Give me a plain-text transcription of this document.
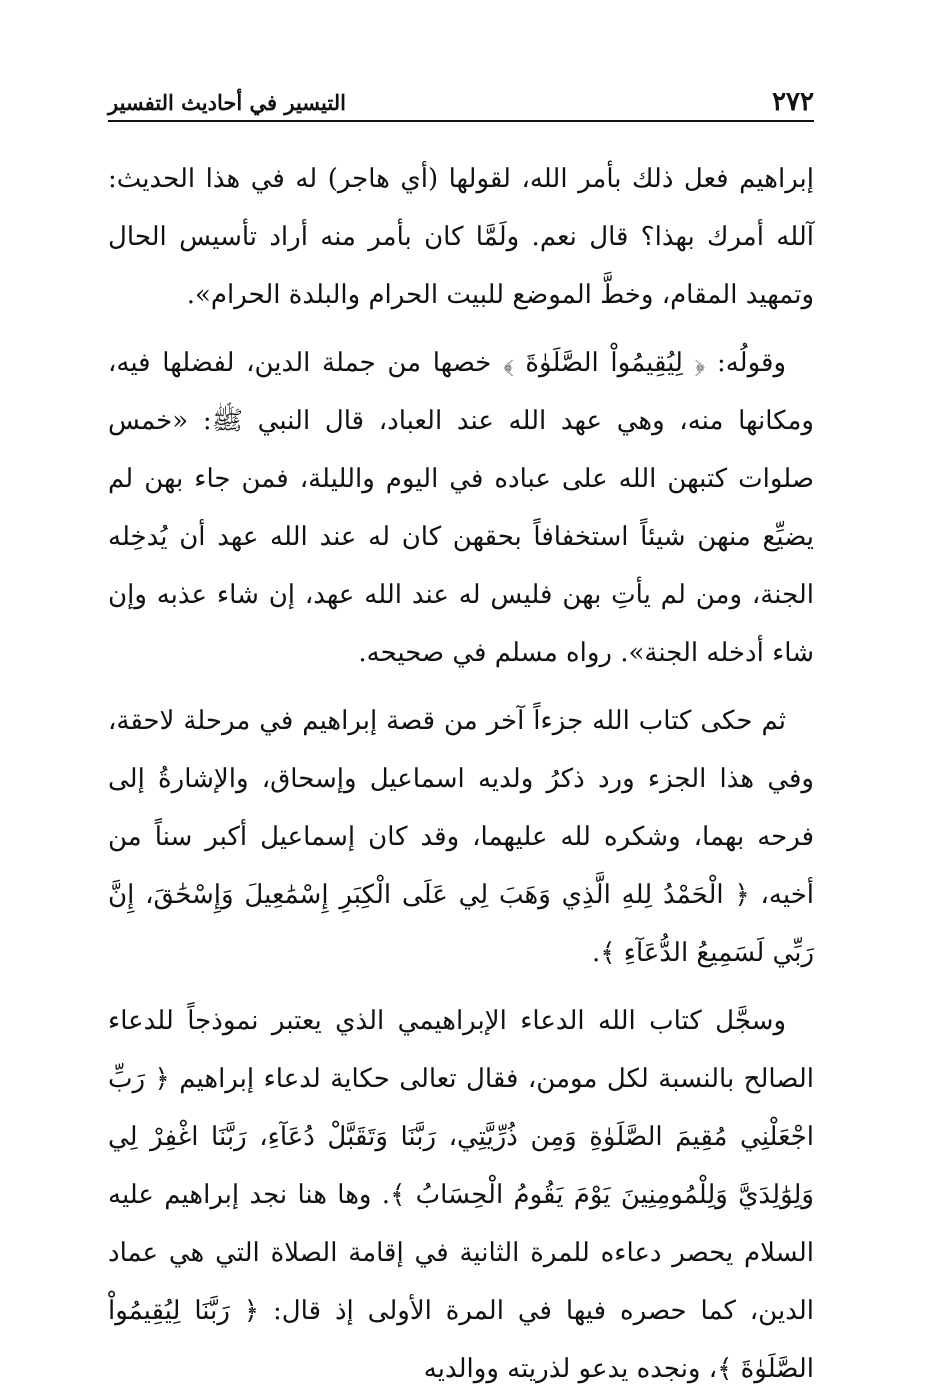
٢٧٢
التيسير في أحاديث التفسير

إبراهيم فعل ذلك بأمر الله، لقولها (أي هاجر) له في هذا الحديث: آلله أمرك بهذا؟ قال نعم. ولَمَّا كان بأمر منه أراد تأسيس الحال وتمهيد المقام، وخطَّ الموضع للبيت الحرام والبلدة الحرام».

وقولُه: ﴿ لِيُقِيمُواْ الصَّلَوٰةَ ﴾ خصها من جملة الدين، لفضلها فيه، ومكانها منه، وهي عهد الله عند العباد، قال النبي ﷺ: «خمس صلوات كتبهن الله على عباده في اليوم والليلة، فمن جاء بهن لم يضيِّع منهن شيئاً استخفافاً بحقهن كان له عند الله عهد أن يُدخِله الجنة، ومن لم يأتِ بهن فليس له عند الله عهد، إن شاء عذبه وإن شاء أدخله الجنة». رواه مسلم في صحيحه.

ثم حكى كتاب الله جزءاً آخر من قصة إبراهيم في مرحلة لاحقة، وفي هذا الجزء ورد ذكرُ ولديه اسماعيل وإسحاق، والإشارةُ إلى فرحه بهما، وشكره لله عليهما، وقد كان إسماعيل أكبر سناً من أخيه، ﴿ الْحَمْدُ لِلهِ الَّذِي وَهَبَ لِي عَلَى الْكِبَرِ إِسْمَٰعِيلَ وَإِسْحَٰقَ، إِنَّ رَبِّي لَسَمِيعُ الدُّعَآءِ ﴾.

وسجَّل كتاب الله الدعاء الإبراهيمي الذي يعتبر نموذجاً للدعاء الصالح بالنسبة لكل مومن، فقال تعالى حكاية لدعاء إبراهيم ﴿ رَبِّ اجْعَلْنِي مُقِيمَ الصَّلَوٰةِ وَمِن ذُرِّيَّتِي، رَبَّنَا وَتَقَبَّلْ دُعَآءِ، رَبَّنَا اغْفِرْ لِي وَلِوَٰلِدَيَّ وَلِلْمُومِنِينَ يَوْمَ يَقُومُ الْحِسَابُ ﴾. وها هنا نجد إبراهيم عليه السلام يحصر دعاءه للمرة الثانية في إقامة الصلاة التي هي عماد الدين، كما حصره فيها في المرة الأولى إذ قال: ﴿ رَبَّنَا لِيُقِيمُواْ الصَّلَوٰةَ ﴾، ونجده يدعو لذريته ووالديه
